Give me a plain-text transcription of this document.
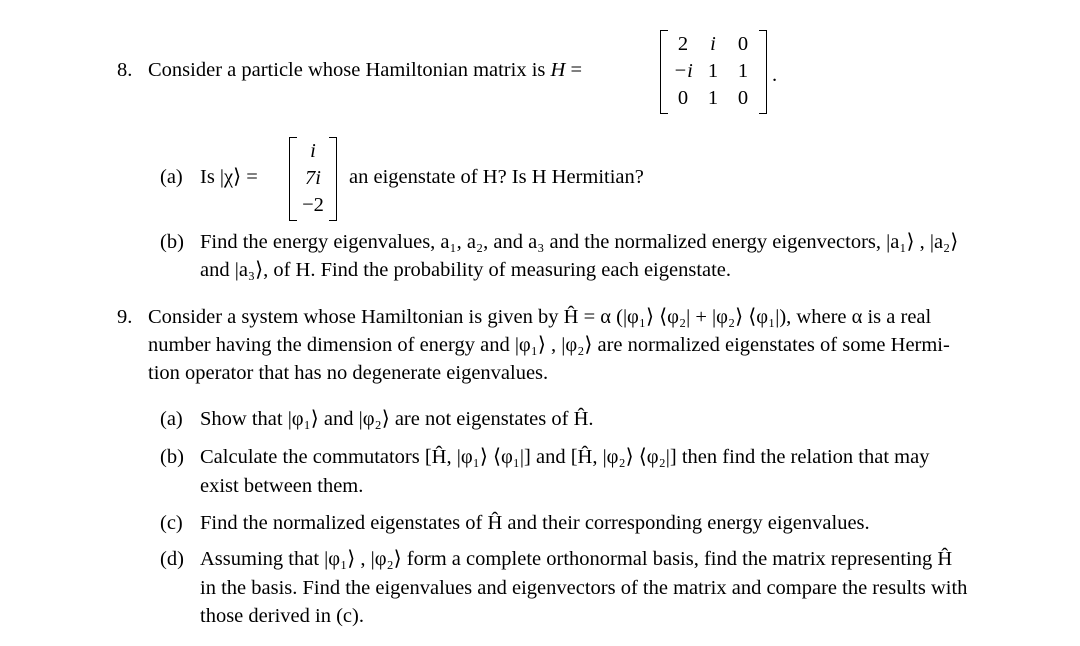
8. Consider a particle whose Hamiltonian matrix is H =
2	i	0
−i 1 1
0 1 0
.
(a) Is |χ⟩ =
i
7i
−2
an eigenstate of H? Is H Hermitian?
(b) Find the energy eigenvalues, a₁, a₂, and a₃ and the normalized energy eigenvectors, |a₁⟩ , |a₂⟩
and |a₃⟩, of H. Find the probability of measuring each eigenstate.
9. Consider a system whose Hamiltonian is given by Ĥ = α (|φ₁⟩ ⟨φ₂| + |φ₂⟩ ⟨φ₁|), where α is a real
number having the dimension of energy and |φ₁⟩ , |φ₂⟩ are normalized eigenstates of some Hermi-
tion operator that has no degenerate eigenvalues.
(a) Show that |φ₁⟩ and |φ₂⟩ are not eigenstates of Ĥ.
(b) Calculate the commutators [Ĥ, |φ₁⟩ ⟨φ₁|] and [Ĥ, |φ₂⟩ ⟨φ₂|] then find the relation that may
exist between them.
(c) Find the normalized eigenstates of Ĥ and their corresponding energy eigenvalues.
(d) Assuming that |φ₁⟩ , |φ₂⟩ form a complete orthonormal basis, find the matrix representing Ĥ
in the basis. Find the eigenvalues and eigenvectors of the matrix and compare the results with
those derived in (c).
